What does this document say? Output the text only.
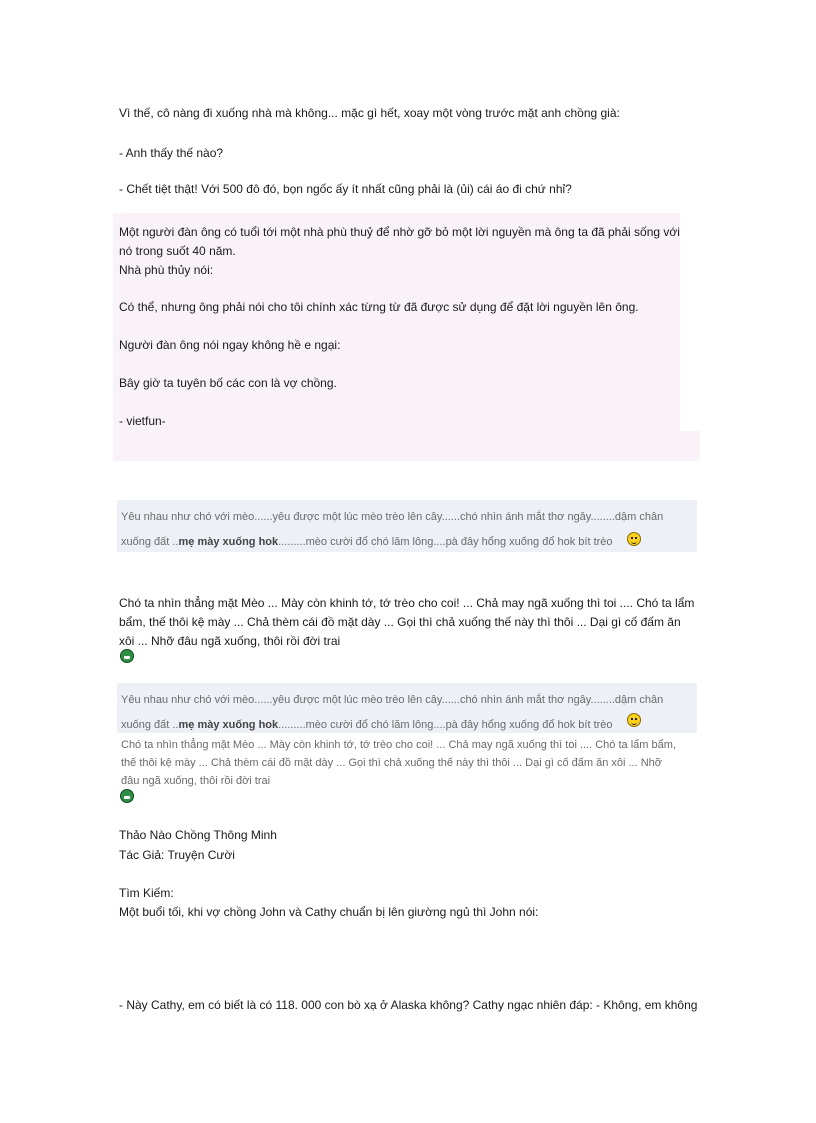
Vì thế, cô nàng đi xuống nhà mà không... mặc gì hết, xoay một vòng trước mặt anh chồng già:
- Anh thấy thế nào?
- Chết tiệt thật! Với 500 đô đó, bọn ngốc ấy ít nhất cũng phải là (ủi) cái áo đi chứ nhỉ?
Một người đàn ông có tuổi tới một nhà phù thuỷ để nhờ gỡ bỏ một lời nguyền mà ông ta đã phải sống với
nó trong suốt 40 năm.
Nhà phù thủy nói:
Có thể, nhưng ông phải nói cho tôi chính xác từng từ đã được sử dụng để đặt lời nguyền lên ông.
Người đàn ông nói ngay không hề e ngại:
Bây giờ ta tuyên bố các con là vợ chồng.
- vietfun-
Yêu nhau như chó với mèo......yêu được một lúc mèo trèo lên cây......chó nhìn ánh mắt thơ ngây........dậm chân
xuống đất ..mẹ mày xuống hok.........mèo cười đổ chó lăm lông....pà đây hổng xuống đổ hok bít trèo
Chó ta nhìn thẳng mặt Mèo ... Mày còn khinh tớ, tớ trèo cho coi! ... Chả may ngã xuống thì toi .... Chó ta lẩm
bẩm, thế thôi kệ mày ... Chả thèm cái đồ mặt dày ... Gọi thì chả xuống thế này thì thôi ... Dại gì cố đấm ăn
xôi ... Nhỡ đâu ngã xuống, thôi rồi đời trai
Yêu nhau như chó với mèo......yêu được một lúc mèo trèo lên cây......chó nhìn ánh mắt thơ ngây........dậm chân
xuống đất ..mẹ mày xuống hok.........mèo cười đổ chó lăm lông....pà đây hổng xuống đổ hok bít trèo
Chó ta nhìn thẳng mặt Mèo ... Mày còn khinh tớ, tớ trèo cho coi! ... Chả may ngã xuống thì toi .... Chó ta lẩm bẩm,
thế thôi kệ mày ... Chả thèm cái đồ mặt dày ... Gọi thì chả xuống thế này thì thôi ... Dại gì cố đấm ăn xôi ... Nhỡ
đâu ngã xuống, thôi rồi đời trai
Thảo Nào Chồng Thông Minh
Tác Giả: Truyện Cười
Tìm Kiếm:
Một buổi tối, khi vợ chồng John và Cathy chuẩn bị lên giường ngủ thì John nói:
- Này Cathy, em có biết là có 118. 000 con bò xạ ở Alaska không? Cathy ngạc nhiên đáp: - Không, em không
